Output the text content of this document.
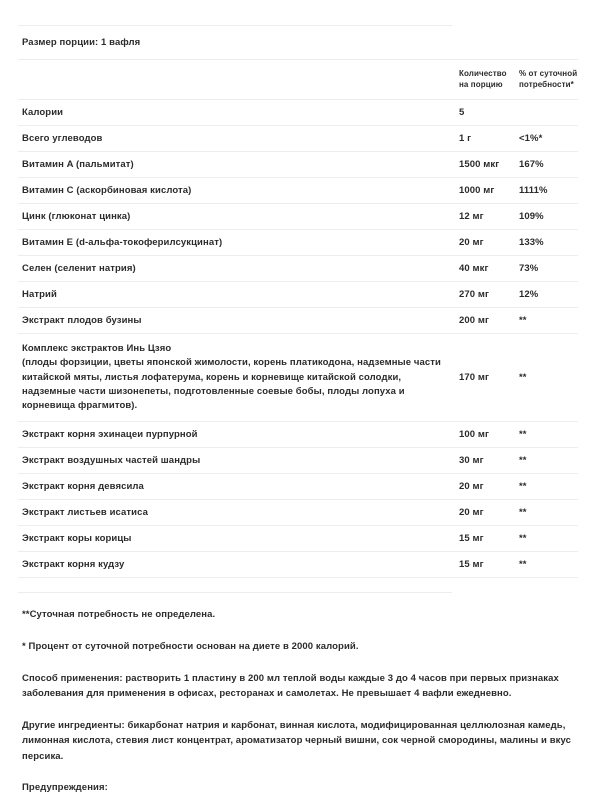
Размер порции: 1 вафля
	Количество на порцию	% от суточной потребности*

Калории	5	

Всего углеводов	1 г	<1%*

Витамин A (пальмитат)	1500 мкг	167%

Витамин C (аскорбиновая кислота)	1000 мг	1111%

Цинк (глюконат цинка)	12 мг	109%

Витамин E (d-альфа-токоферилсукцинат)	20 мг	133%

Селен (селенит натрия)	40 мкг	73%

Натрий	270 мг	12%

Экстракт плодов бузины	200 мг	**

Комплекс экстрактов Инь Цзяо
(плоды форзиции, цветы японской жимолости, корень платикодона, надземные части китайской мяты, листья лофатерума, корень и корневище китайской солодки, надземные части шизонепеты, подготовленные соевые бобы, плоды лопуха и корневища фрагмитов).	170 мг	**

Экстракт корня эхинацеи пурпурной	100 мг	**

Экстракт воздушных частей шандры	30 мг	**

Экстракт корня девясила	20 мг	**

Экстракт листьев исатиса	20 мг	**

Экстракт коры корицы	15 мг	**

Экстракт корня кудзу	15 мг	**
**Суточная потребность не определена.
* Процент от суточной потребности основан на диете в 2000 калорий.
Способ применения: растворить 1 пластину в 200 мл теплой воды каждые 3 до 4 часов при первых признаках заболевания для применения в офисах, ресторанах и самолетах. Не превышает 4 вафли ежедневно.
Другие ингредиенты: бикарбонат натрия и карбонат, винная кислота, модифицированная целлюлозная камедь, лимонная кислота, стевия лист концентрат, ароматизатор черный вишни, сок черной смородины, малины и вкус персика.
Предупреждения:
